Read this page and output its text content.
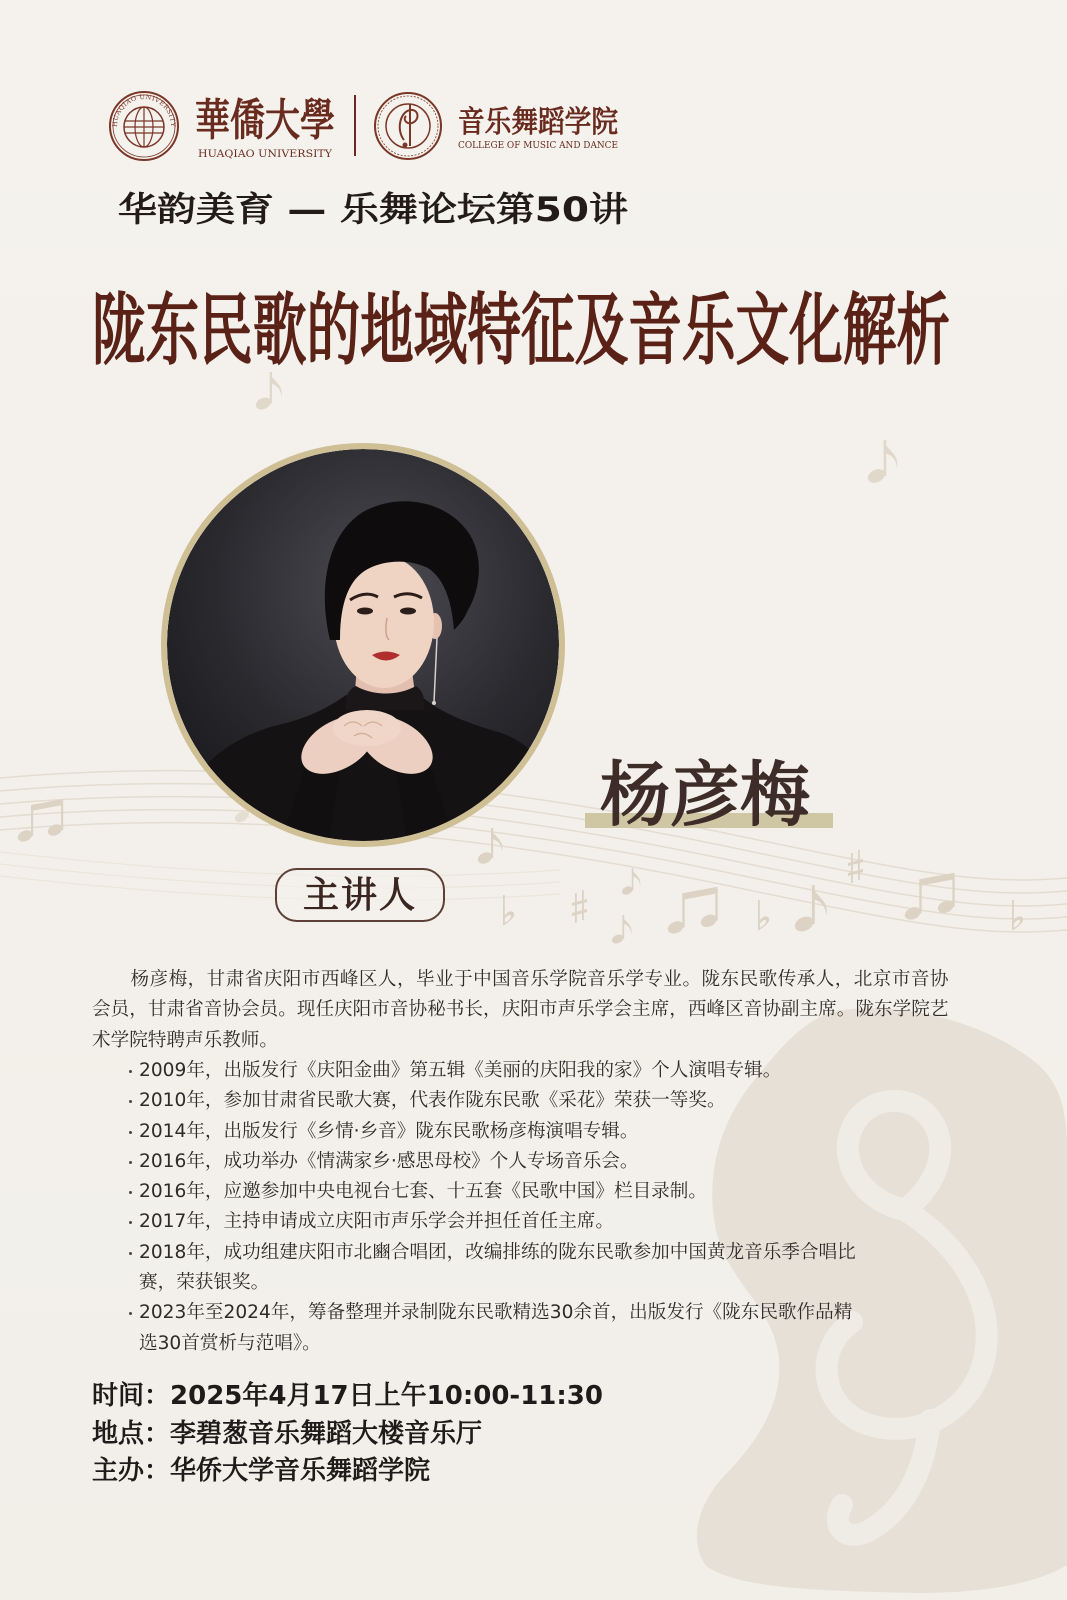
HUAQIAO UNIVERSITY 華僑大學
HUAQIAO UNIVERSITY
音乐舞蹈学院
COLLEGE OF MUSIC AND DANCE
华韵美育 — 乐舞论坛第50讲
陇东民歌的地域特征及音乐文化解析
杨彦梅
主讲人

杨彦梅，甘肃省庆阳市西峰区人，毕业于中国音乐学院音乐学专业。陇东民歌传承人，北京市音协会员，甘肃省音协会员。现任庆阳市音协秘书长，庆阳市声乐学会主席，西峰区音协副主席。陇东学院艺术学院特聘声乐教师。

2009年，出版发行《庆阳金曲》第五辑《美丽的庆阳我的家》个人演唱专辑。
2010年，参加甘肃省民歌大赛，代表作陇东民歌《采花》荣获一等奖。
2014年，出版发行《乡情·乡音》陇东民歌杨彦梅演唱专辑。
2016年，成功举办《情满家乡·感思母校》个人专场音乐会。
2016年，应邀参加中央电视台七套、十五套《民歌中国》栏目录制。
2017年，主持申请成立庆阳市声乐学会并担任首任主席。
2018年，成功组建庆阳市北豳合唱团，改编排练的陇东民歌参加中国黄龙音乐季合唱比赛，荣获银奖。
2023年至2024年，筹备整理并录制陇东民歌精选30余首，出版发行《陇东民歌作品精选30首赏析与范唱》。
时间：2025年4月17日上午10:00-11:30
地点：李碧葱音乐舞蹈大楼音乐厅
主办：华侨大学音乐舞蹈学院
